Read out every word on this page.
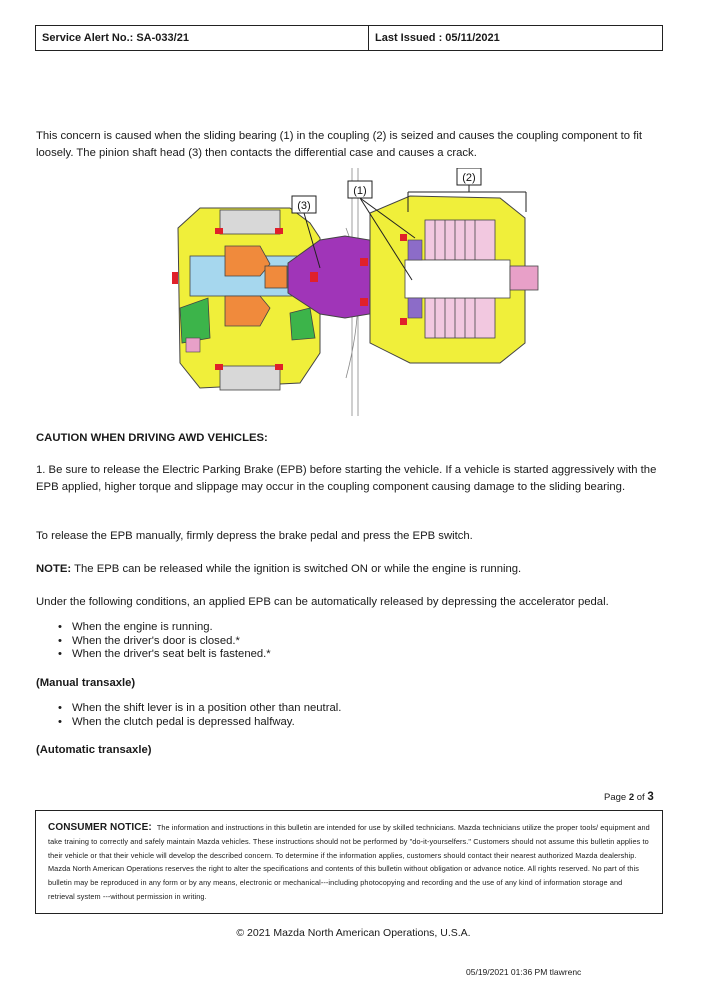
Service Alert No.: SA-033/21	Last Issued : 05/11/2021

This concern is caused when the sliding bearing (1) in the coupling (2) is seized and causes the coupling component to fit loosely. The pinion shaft head (3) then contacts the differential case and causes a crack.

(3)
(1)
(2)

CAUTION WHEN DRIVING AWD VEHICLES:

1. Be sure to release the Electric Parking Brake (EPB) before starting the vehicle. If a vehicle is started aggressively with the EPB applied, higher torque and slippage may occur in the coupling component causing damage to the sliding bearing.

To release the EPB manually, firmly depress the brake pedal and press the EPB switch.

NOTE: The EPB can be released while the ignition is switched ON or while the engine is running.

Under the following conditions, an applied EPB can be automatically released by depressing the accelerator pedal.

• When the engine is running.
• When the driver's door is closed.*
• When the driver's seat belt is fastened.*

(Manual transaxle)

• When the shift lever is in a position other than neutral.
• When the clutch pedal is depressed halfway.

(Automatic transaxle)

Page 2 of 3
CONSUMER NOTICE: The information and instructions in this bulletin are intended for use by skilled technicians. Mazda technicians utilize the proper tools/ equipment and take training to correctly and safely maintain Mazda vehicles. These instructions should not be performed by "do-it-yourselfers." Customers should not assume this bulletin applies to their vehicle or that their vehicle will develop the described concern. To determine if the information applies, customers should contact their nearest authorized Mazda dealership. Mazda North American Operations reserves the right to alter the specifications and contents of this bulletin without obligation or advance notice. All rights reserved. No part of this bulletin may be reproduced in any form or by any means, electronic or mechanical---including photocopying and recording and the use of any kind of information storage and retrieval system ---without permission in writing.
© 2021 Mazda North American Operations, U.S.A.
05/19/2021 01:36 PM tlawrenc
